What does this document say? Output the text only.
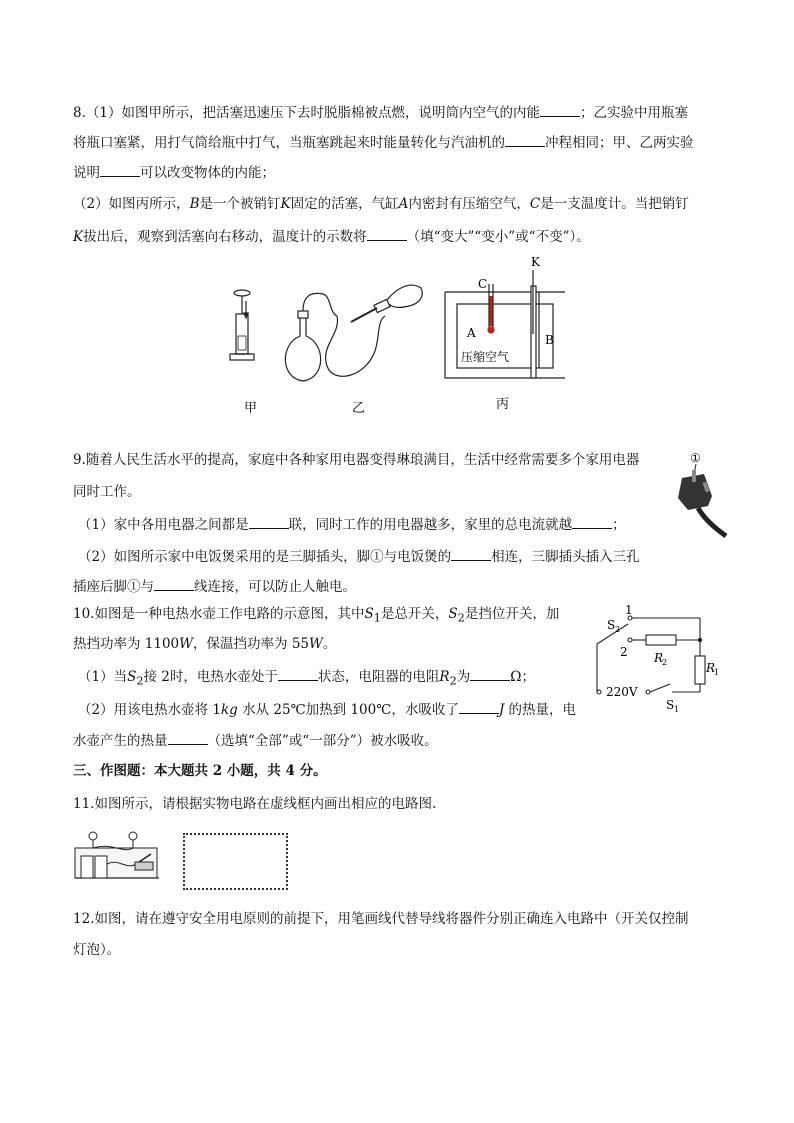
8.（1）如图甲所示，把活塞迅速压下去时脱脂棉被点燃，说明筒内空气的内能	；乙实验中用瓶塞
将瓶口塞紧，用打气筒给瓶中打气，当瓶塞跳起来时能量转化与汽油机的	冲程相同；甲、乙两实验
说明	可以改变物体的内能；
（2）如图丙所示，B是一个被销钉K固定的活塞，气缸A内密封有压缩空气，C是一支温度计。当把销钉
K拔出后，观察到活塞向右移动，温度计的示数将	（填“变大”“变小”或“不变”）。
C
K
A	B
压缩空气
甲	乙	丙
9.随着人民生活水平的提高，家庭中各种家用电器变得琳琅满目，生活中经常需要多个家用电器
同时工作。
（1）家中各用电器之间都是	联，同时工作的用电器越多，家里的总电流就越	；
（2）如图所示家中电饭煲采用的是三脚插头，脚①与电饭煲的	相连，三脚插头插入三孔
插座后脚①与	线连接，可以防止人触电。
①
10.如图是一种电热水壶工作电路的示意图，其中$S_1$是总开关，$S_2$是挡位开关，加
热挡功率为 1100W，保温挡功率为 55W。
（1）当$S_2$接 2时，电热水壶处于	状态，电阻器的电阻$R_2$为	Ω；
（2）用该电热水壶将 1kg 水从 25℃加热到 100℃，水吸收了	J 的热量，电
水壶产生的热量	（选填“全部”或“一部分”）被水吸收。
S 2
1
2 R
2	R
1
220V
S 1
三、作图题：本大题共 2 小题，共 4 分。
11.如图所示，请根据实物电路在虚线框内画出相应的电路图.
12.如图，请在遵守安全用电原则的前提下，用笔画线代替导线将器件分别正确连入电路中（开关仅控制
灯泡）。
